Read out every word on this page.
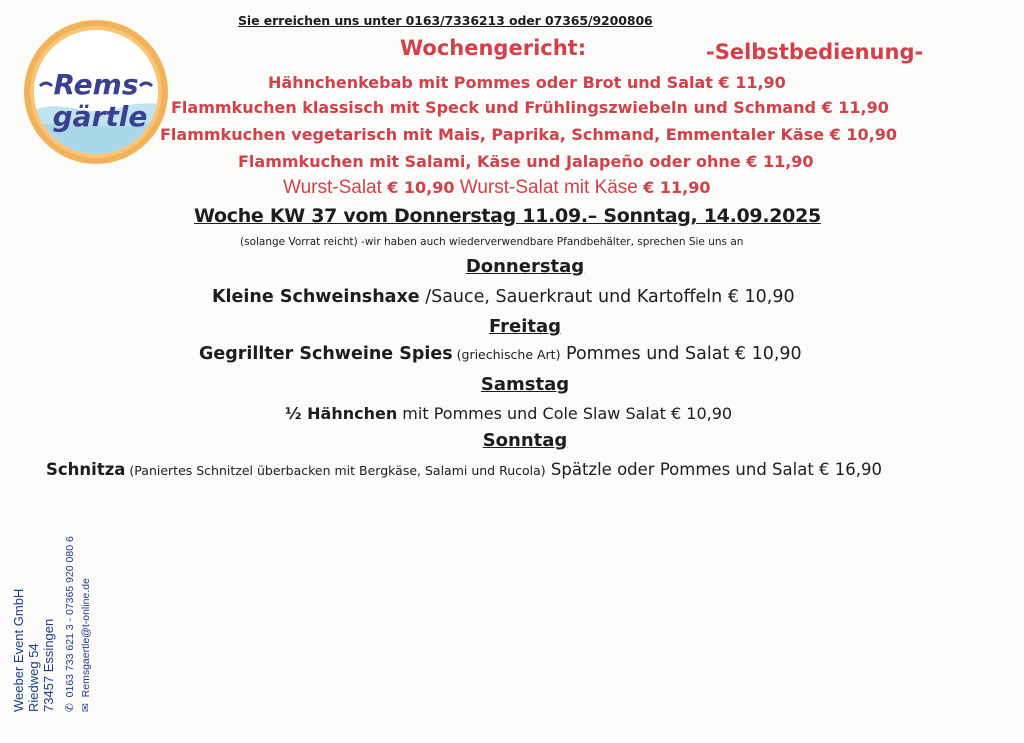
Rems
gärtle
Sie erreichen uns unter 0163/7336213 oder 07365/9200806
Wochengericht:	-Selbstbedienung-
Hähnchenkebab mit Pommes oder Brot und Salat € 11,90
Flammkuchen klassisch mit Speck und Frühlingszwiebeln und Schmand € 11,90
Flammkuchen vegetarisch mit Mais, Paprika, Schmand, Emmentaler Käse € 10,90
Flammkuchen mit Salami, Käse und Jalapeño oder ohne € 11,90
Wurst-Salat € 10,90 Wurst-Salat mit Käse € 11,90
Woche KW 37 vom Donnerstag 11.09.– Sonntag, 14.09.2025
(solange Vorrat reicht) -wir haben auch wiederverwendbare Pfandbehälter, sprechen Sie uns an
Donnerstag
Kleine Schweinshaxe /Sauce, Sauerkraut und Kartoffeln € 10,90
Freitag
Gegrillter Schweine Spies (griechische Art) Pommes und Salat € 10,90
Samstag
½ Hähnchen mit Pommes und Cole Slaw Salat € 10,90
Sonntag
Schnitza (Paniertes Schnitzel überbacken mit Bergkäse, Salami und Rucola) Spätzle oder Pommes und Salat € 16,90
Weeber Event GmbH Riedweg 54 73457 Essingen ✆  0163 733 621 3 - 07365 920 080 6
✉  Remsgaertle@t-online.de
